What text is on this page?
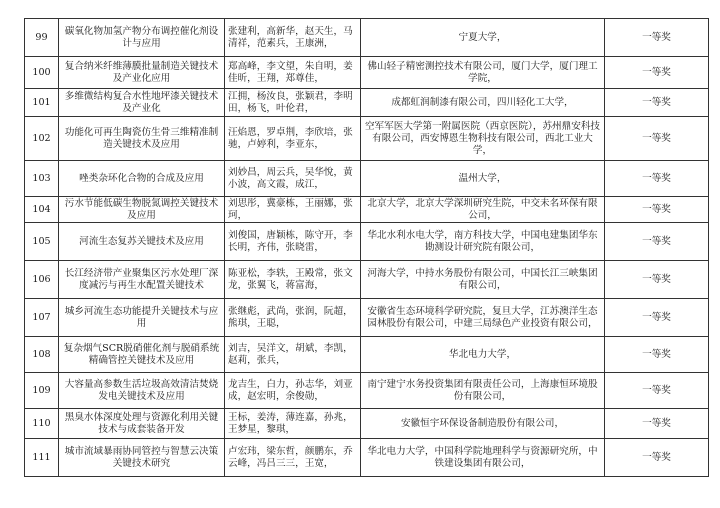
99	碳氧化物加氢产物分布调控催化剂设计与应用	张建利，高新华，赵天生，马清祥，范素兵，王康洲，	宁夏大学，	一等奖
100	复合纳米纤维薄膜批量制造关键技术及产业化应用	郑高峰，李文望，朱自明，姜佳昕，王翔，郑尊佳，	佛山轻子精密测控技术有限公司，厦门大学，厦门理工学院，	一等奖
101	多维微结构复合水性地坪漆关键技术及产业化	江拥，杨汝良，张颖君，李明田，杨飞，叶伦君，	成都虹润制漆有限公司，四川轻化工大学，	一等奖
102	功能化可再生陶瓷仿生骨三维精准制造关键技术及应用	汪焰恩，罗卓荆，李欣培，张驰，卢婷利，李亚东，	空军军医大学第一附属医院（西京医院），苏州鼎安科技有限公司，西安博恩生物科技有限公司，西北工业大学，	一等奖
103	唑类杂环化合物的合成及应用	刘妙昌，周云兵，吴华悅，黄小波，高文霞，成江，	温州大学，	一等奖
104	污水节能低碳生物脱氮调控关键技术及应用	刘思彤，冀豪栋，王丽娜，张珂，	北京大学，北京大学深圳研究生院，中交未名环保有限公司，	一等奖
105	河流生态复苏关键技术及应用	刘俊国，唐颖栋，陈守开，李长明，齐伟，张晓雷，	华北水利水电大学，南方科技大学，中国电建集团华东勘测设计研究院有限公司，	一等奖
106	长江经济带产业聚集区污水处理厂深度减污与再生水配置关键技术	陈亚松，李轶，王殿常，张文龙，张翼飞，蒋富海，	河海大学，中持水务股份有限公司，中国长江三峡集团有限公司，	一等奖
107	城乡河流生态功能提升关键技术与应用	张继彪，武尚，张润，阮超，熊琪，王聪，	安徽省生态环境科学研究院，复旦大学，江苏澳洋生态园林股份有限公司，中建三局绿色产业投资有限公司，	一等奖
108	复杂烟气SCR脱硝催化剂与脱硝系统精确管控关键技术及应用	刘吉，吴洋文，胡斌，李凯，赵莉，张兵，	华北电力大学，	一等奖
109	大容量高参数生活垃圾高效清洁焚烧发电关键技术及应用	龙吉生，白力，孙志华，刘亚成，赵宏明，余俊勋，	南宁建宁水务投资集团有限责任公司，上海康恒环境股份有限公司，	一等奖
110	黑臭水体深度处理与资源化利用关键技术与成套装备开发	王标，姜涛，薄连嘉，孙兆，王梦星，黎琪，	安徽恒宇环保设备制造股份有限公司，	一等奖
111	城市流域暴雨协同管控与智慧云决策关键技术研究	卢宏玮，梁东哲，颜鹏东，乔云峰，冯吕三三，王宽，	华北电力大学，中国科学院地理科学与资源研究所，中铁建设集团有限公司，	一等奖
